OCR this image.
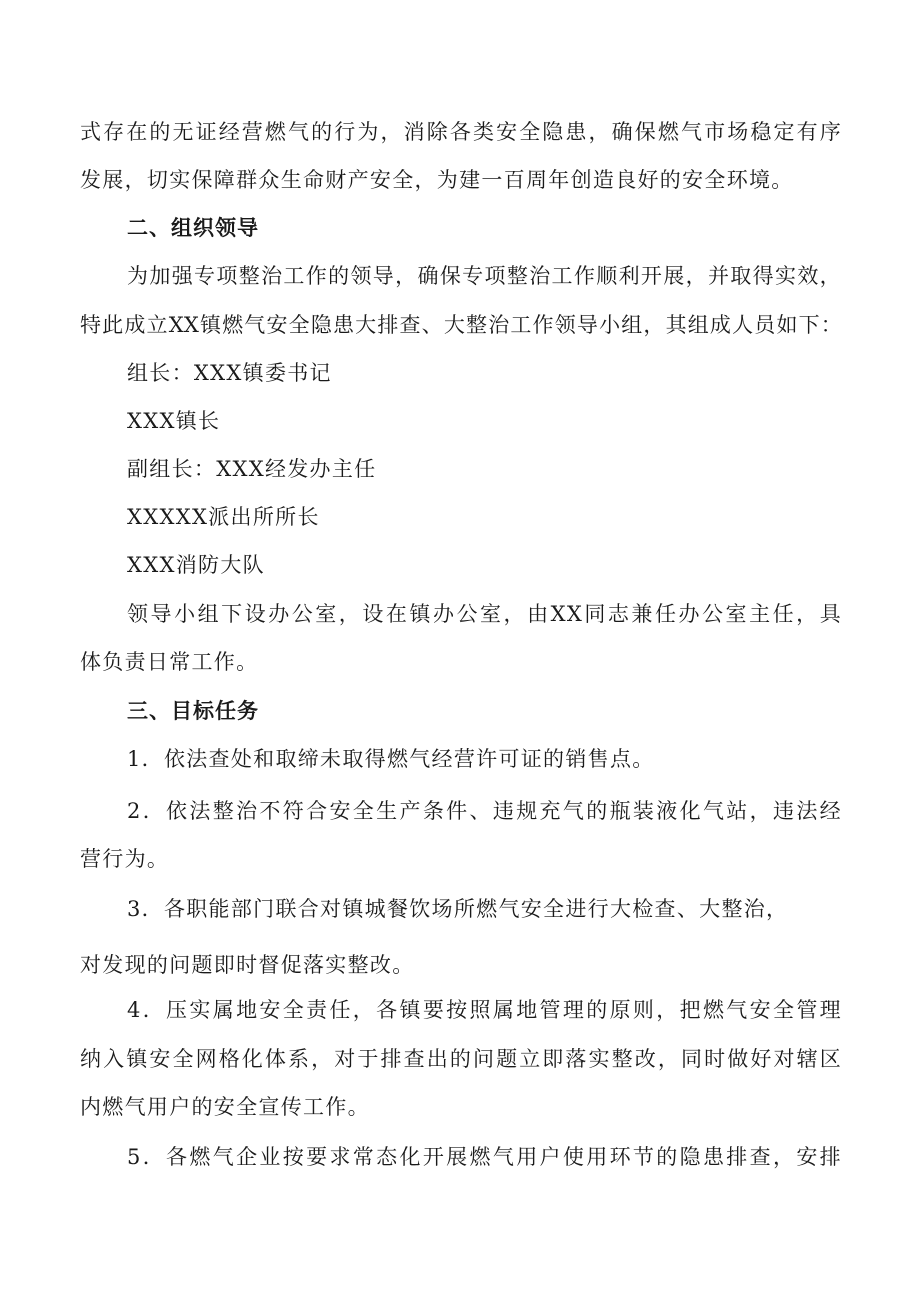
式存在的无证经营燃气的行为，消除各类安全隐患，确保燃气市场稳定有序
发展，切实保障群众生命财产安全，为建一百周年创造良好的安全环境。
二、组织领导
为加强专项整治工作的领导，确保专项整治工作顺利开展，并取得实效，
特此成立XX镇燃气安全隐患大排查、大整治工作领导小组，其组成人员如下：
组长：XXX镇委书记
XXX镇长
副组长：XXX经发办主任
XXXXX派出所所长
XXX消防大队
领导小组下设办公室，设在镇办公室，由XX同志兼任办公室主任，具
体负责日常工作。
三、目标任务
1．依法查处和取缔未取得燃气经营许可证的销售点。
2．依法整治不符合安全生产条件、违规充气的瓶装液化气站，违法经
营行为。
3．各职能部门联合对镇城餐饮场所燃气安全进行大检查、大整治，
对发现的问题即时督促落实整改。
4．压实属地安全责任，各镇要按照属地管理的原则，把燃气安全管理
纳入镇安全网格化体系，对于排查出的问题立即落实整改，同时做好对辖区
内燃气用户的安全宣传工作。
5．各燃气企业按要求常态化开展燃气用户使用环节的隐患排查，安排
